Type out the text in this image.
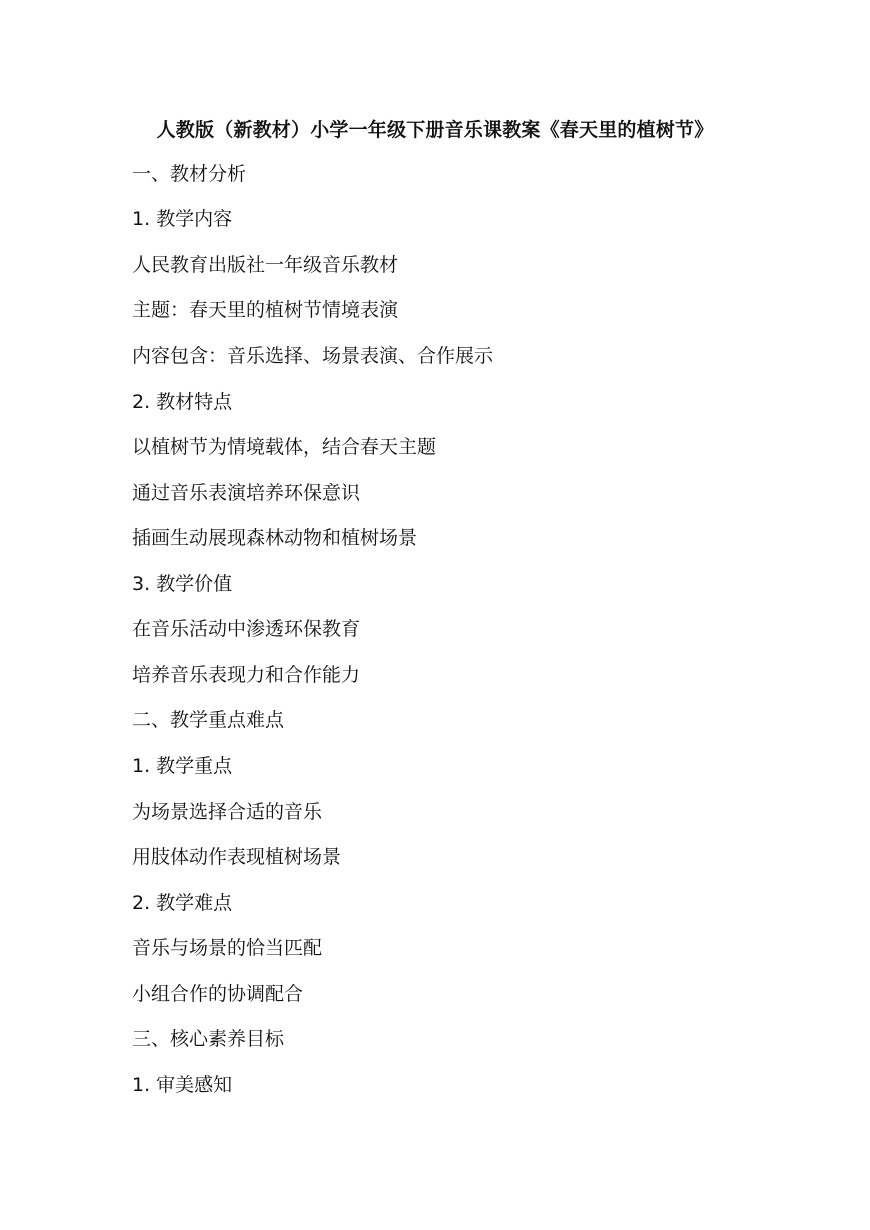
人教版（新教材）小学一年级下册音乐课教案《春天里的植树节》
一、教材分析
1. 教学内容
人民教育出版社一年级音乐教材
主题：春天里的植树节情境表演
内容包含：音乐选择、场景表演、合作展示
2. 教材特点
以植树节为情境载体，结合春天主题
通过音乐表演培养环保意识
插画生动展现森林动物和植树场景
3. 教学价值
在音乐活动中渗透环保教育
培养音乐表现力和合作能力
二、教学重点难点
1. 教学重点
为场景选择合适的音乐
用肢体动作表现植树场景
2. 教学难点
音乐与场景的恰当匹配
小组合作的协调配合
三、核心素养目标
1. 审美感知
